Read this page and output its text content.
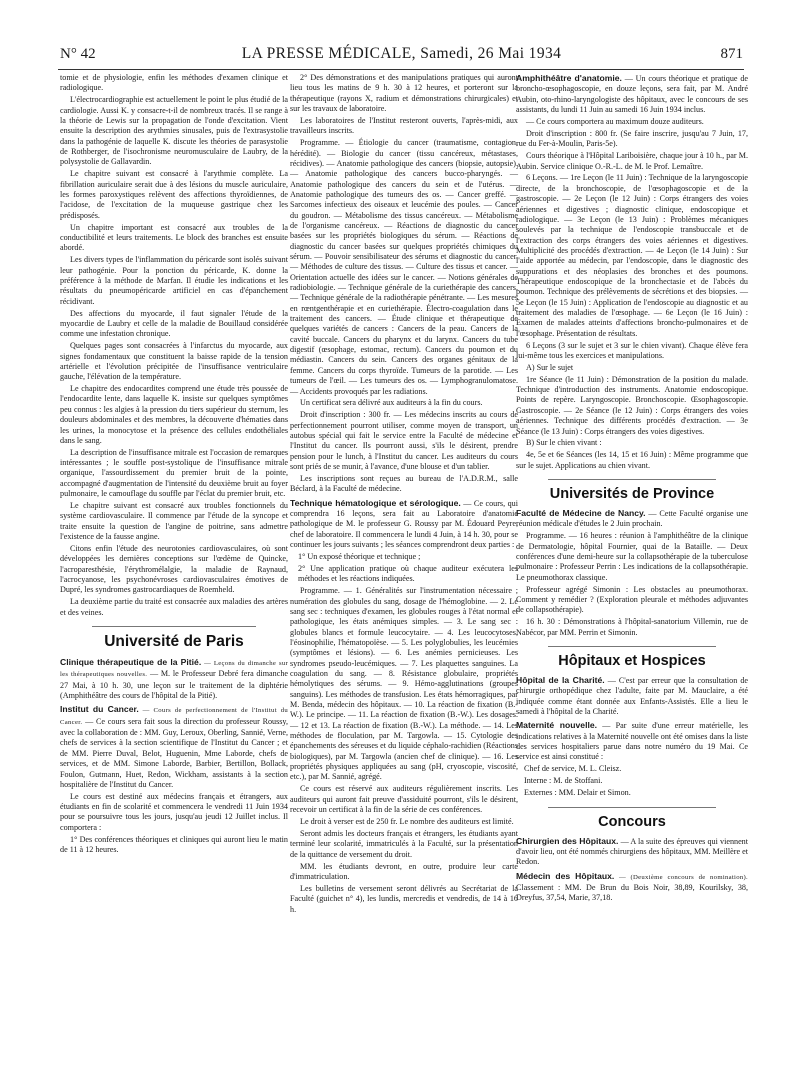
N° 42	LA PRESSE MÉDICALE, Samedi, 26 Mai 1934	871

tomie et de physiologie, enfin les méthodes d'examen clinique et radiologique.

L'électrocardiographie est actuellement le point le plus étudié de la cardiologie. Aussi K. y consacre-t-il de nombreux tracés. Il se range à la théorie de Lewis sur la propagation de l'onde d'excitation. Vient ensuite la description des arythmies sinusales, puis de l'extrasystolie dans la pathogénie de laquelle K. discute les théories de parasystolie de Rothberger, de l'isochronisme neuromusculaire de Laubry, de la polysystolie de Gallavardin.

Le chapitre suivant est consacré à l'arythmie complète. La fibrillation auriculaire serait due à des lésions du muscle auriculaire, les formes paroxystiques relèvent des affections thyroïdiennes, de l'acidose, de l'excitation de la muqueuse gastrique chez les prédisposés.

Un chapitre important est consacré aux troubles de la conductibilité et leurs traitements. Le block des branches est ensuite abordé.

Les divers types de l'inflammation du péricarde sont isolés suivant leur pathogénie. Pour la ponction du péricarde, K. donne la préférence à la méthode de Marfan. Il étudie les indications et les résultats du pneumopéricarde artificiel en cas d'épanchement récidivant.

Des affections du myocarde, il faut signaler l'étude de la myocardie de Laubry et celle de la maladie de Bouillaud considérée comme une infestation chronique.

Quelques pages sont consacrées à l'infarctus du myocarde, aux signes fondamentaux que constituent la baisse rapide de la tension artérielle et l'évolution précipitée de l'insuffisance ventriculaire gauche, l'élévation de la température.

Le chapitre des endocardites comprend une étude très poussée de l'endocardite lente, dans laquelle K. insiste sur quelques symptômes peu connus : les algies à la pression du tiers supérieur du sternum, les douleurs abdominales et des membres, la découverte d'hématies dans les urines, la monocytose et la présence des cellules endothéliales dans le sang.

La description de l'insuffisance mitrale est l'occasion de remarques intéressantes ; le souffle post-systolique de l'insuffisance mitrale organique, l'assourdissement du premier bruit de la pointe, accompagné d'augmentation de l'intensité du deuxième bruit au foyer pulmonaire, le camouflage du souffle par l'éclat du premier bruit, etc.

Le chapitre suivant est consacré aux troubles fonctionnels du système cardiovasculaire. Il commence par l'étude de la syncope et traite ensuite la question de l'angine de poitrine, sans admettre l'existence de la fausse angine.

Citons enfin l'étude des neurotonies cardiovasculaires, où sont développées les dernières conceptions sur l'œdème de Quincke, l'acroparesthésie, l'érythromélalgie, la maladie de Raynaud, l'acrocyanose, les psychonévroses cardiovasculaires émotives de Dupré, les syndromes gastrocardiaques de Roemheld.

La deuxième partie du traité est consacrée aux maladies des artères et des veines.

Université de Paris

Clinique thérapeutique de la Pitié. — Leçons du dimanche sur les thérapeutiques nouvelles. — M. le Professeur Debré fera dimanche 27 Mai, à 10 h. 30, une leçon sur le traitement de la diphtérie (Amphithéâtre des cours de l'hôpital de la Pitié).

Institut du Cancer. — Cours de perfectionnement de l'Institut du Cancer. — Ce cours sera fait sous la direction du professeur Roussy, avec la collaboration de : MM. Guy, Leroux, Oberling, Sannié, Verne, chefs de services à la section scientifique de l'Institut du Cancer ; et de MM. Pierre Duval, Belot, Huguenin, Mme Laborde, chefs de services, et de MM. Simone Laborde, Barbier, Bertillon, Bollack, Foulon, Gutmann, Huet, Redon, Wickham, assistants à la section hospitalière de l'Institut du Cancer.

Le cours est destiné aux médecins français et étrangers, aux étudiants en fin de scolarité et commencera le vendredi 11 Juin 1934 pour se poursuivre tous les jours, jusqu'au jeudi 12 Juillet inclus. Il comportera :

1° Des conférences théoriques et cliniques qui auront lieu le matin de 11 à 12 heures.

2° Des démonstrations et des manipulations pratiques qui auront lieu tous les matins de 9 h. 30 à 12 heures, et porteront sur la thérapeutique (rayons X, radium et démonstrations chirurgicales) et sur les travaux de laboratoire.

Les laboratoires de l'Institut resteront ouverts, l'après-midi, aux travailleurs inscrits.

Programme. — Étiologie du cancer (traumatisme, contagion, hérédité). — Biologie du cancer (tissu cancéreux, métastases, récidives). — Anatomie pathologique des cancers (biopsie, autopsie). — Anatomie pathologique des cancers bucco-pharyngés. — Anatomie pathologique des cancers du sein et de l'utérus. — Anatomie pathologique des tumeurs des os. — Cancer greffé. — Sarcomes infectieux des oiseaux et leucémie des poules. — Cancer du goudron. — Métabolisme des tissus cancéreux. — Métabolisme de l'organisme cancéreux. — Réactions de diagnostic du cancer basées sur les propriétés biologiques du sérum. — Réactions de diagnostic du cancer basées sur quelques propriétés chimiques du sérum. — Pouvoir sensibilisateur des sérums et diagnostic du cancer. — Méthodes de culture des tissus. — Culture des tissus et cancer. — Orientation actuelle des idées sur le cancer. — Notions générales de radiobiologie. — Technique générale de la curiethérapie des cancers. — Technique générale de la radiothérapie pénétrante. — Les mesures en rœntgenthérapie et en curiethérapie. Électro-coagulation dans le traitement des cancers. — Étude clinique et thérapeutique de quelques variétés de cancers : Cancers de la peau. Cancers de la cavité buccale. Cancers du pharynx et du larynx. Cancers du tube digestif (œsophage, estomac, rectum). Cancers du poumon et du médiastin. Cancers du sein. Cancers des organes génitaux de la femme. Cancers du corps thyroïde. Tumeurs de la parotide. — Les tumeurs de l'œil. — Les tumeurs des os. — Lymphogranulomatose. — Accidents provoqués par les radiations.

Un certificat sera délivré aux auditeurs à la fin du cours.

Droit d'inscription : 300 fr. — Les médecins inscrits au cours de perfectionnement pourront utiliser, comme moyen de transport, un autobus spécial qui fait le service entre la Faculté de médecine et l'Institut du cancer. Ils pourront aussi, s'ils le désirent, prendre pension pour le lunch, à l'Institut du cancer. Les auditeurs du cours sont priés de se munir, à l'avance, d'une blouse et d'un tablier.

Les inscriptions sont reçues au bureau de l'A.D.R.M., salle Béclard, à la Faculté de médecine.

Technique hématologique et sérologique. — Ce cours, qui comprendra 16 leçons, sera fait au Laboratoire d'anatomie pathologique de M. le professeur G. Roussy par M. Édouard Peyre, chef de laboratoire. Il commencera le lundi 4 Juin, à 14 h. 30, pour se continuer les jours suivants ; les séances comprendront deux parties :

1° Un exposé théorique et technique ;

2° Une application pratique où chaque auditeur exécutera les méthodes et les réactions indiquées.

Programme. — 1. Généralités sur l'instrumentation nécessaire ; numération des globules du sang, dosage de l'hémoglobine. — 2. Le sang sec : techniques d'examen, les globules rouges à l'état normal et pathologique, les états anémiques simples. — 3. Le sang sec : globules blancs et formule leucocytaire. — 4. Les leucocytoses, l'éosinophilie, l'hématopoïèse. — 5. Les polyglobulies, les leucémies (symptômes et lésions). — 6. Les anémies pernicieuses. Les syndromes pseudo-leucémiques. — 7. Les plaquettes sanguines. La coagulation du sang. — 8. Résistance globulaire, propriétés hémolytiques des sérums. — 9. Hémo-agglutinations (groupes sanguins). Les méthodes de transfusion. Les états hémorragiques, par M. Benda, médecin des hôpitaux. — 10. La réaction de fixation (B.-W.). Le principe. — 11. La réaction de fixation (B.-W.). Les dosages. — 12 et 13. La réaction de fixation (B.-W.). La méthode. — 14. Les méthodes de floculation, par M. Targowla. — 15. Cytologie des épanchements des séreuses et du liquide céphalo-rachidien (Réactions biologiques), par M. Targowla (ancien chef de clinique). — 16. Les propriétés physiques appliquées au sang (pH, cryoscopie, viscosité, etc.), par M. Sannié, agrégé.

Ce cours est réservé aux auditeurs régulièrement inscrits. Les auditeurs qui auront fait preuve d'assiduité pourront, s'ils le désirent, recevoir un certificat à la fin de la série de ces conférences.

Le droit à verser est de 250 fr. Le nombre des auditeurs est limité.

Seront admis les docteurs français et étrangers, les étudiants ayant terminé leur scolarité, immatriculés à la Faculté, sur la présentation de la quittance de versement du droit.

MM. les étudiants devront, en outre, produire leur carte d'immatriculation.

Les bulletins de versement seront délivrés au Secrétariat de la Faculté (guichet n° 4), les lundis, mercredis et vendredis, de 14 à 16 h.

Amphithéâtre d'anatomie. — Un cours théorique et pratique de broncho-œsophagoscopie, en douze leçons, sera fait, par M. André Aubin, oto-rhino-laryngologiste des hôpitaux, avec le concours de ses assistants, du lundi 11 Juin au samedi 16 Juin 1934 inclus.

— Ce cours comportera au maximum douze auditeurs.

Droit d'inscription : 800 fr. (Se faire inscrire, jusqu'au 7 Juin, 17, rue du Fer-à-Moulin, Paris-5e).

Cours théorique à l'Hôpital Lariboisière, chaque jour à 10 h., par M. Aubin. Service clinique O.-R.-L. de M. le Prof. Lemaître.

6 Leçons. — 1re Leçon (le 11 Juin) : Technique de la laryngoscopie directe, de la bronchoscopie, de l'œsophagoscopie et de la gastroscopie. — 2e Leçon (le 12 Juin) : Corps étrangers des voies aériennes et digestives ; diagnostic clinique, endoscopique et radiologique. — 3e Leçon (le 13 Juin) : Problèmes mécaniques soulevés par la technique de l'endoscopie transbuccale et de l'extraction des corps étrangers des voies aériennes et digestives. Multiplicité des procédés d'extraction. — 4e Leçon (le 14 Juin) : Sur l'aide apportée au médecin, par l'endoscopie, dans le diagnostic des suppurations et des néoplasies des bronches et des poumons. Thérapeutique endoscopique de la bronchectasie et de l'abcès du poumon. Technique des prélèvements de sécrétions et des biopsies. — 5e Leçon (le 15 Juin) : Application de l'endoscopie au diagnostic et au traitement des maladies de l'œsophage. — 6e Leçon (le 16 Juin) : Examen de malades atteints d'affections broncho-pulmonaires et de l'œsophage. Présentation de résultats.

6 Leçons (3 sur le sujet et 3 sur le chien vivant). Chaque élève fera lui-même tous les exercices et manipulations.

A) Sur le sujet

1re Séance (le 11 Juin) : Démonstration de la position du malade. Technique d'introduction des instruments. Anatomie endoscopique. Points de repère. Laryngoscopie. Bronchoscopie. Œsophagoscopie. Gastroscopie. — 2e Séance (le 12 Juin) : Corps étrangers des voies aériennes. Technique des différents procédés d'extraction. — 3e Séance (le 13 Juin) : Corps étrangers des voies digestives.

B) Sur le chien vivant :

4e, 5e et 6e Séances (les 14, 15 et 16 Juin) : Même programme que sur le sujet. Applications au chien vivant.

Universités de Province

Faculté de Médecine de Nancy. — Cette Faculté organise une réunion médicale d'études le 2 Juin prochain.

Programme. — 16 heures : réunion à l'amphithéâtre de la clinique de Dermatologie, hôpital Fournier, quai de la Bataille. — Deux conférences d'une demi-heure sur la collapsothérapie de la tuberculose pulmonaire : Professeur Perrin : Les indications de la collapsothérapie. Le pneumothorax classique.

Professeur agrégé Simonin : Les obstacles au pneumothorax. Comment y remédier ? (Exploration pleurale et méthodes adjuvantes de collapsothérapie).

16 h. 30 : Démonstrations à l'hôpital-sanatorium Villemin, rue de Nabécor, par MM. Perrin et Simonin.

Hôpitaux et Hospices

Hôpital de la Charité. — C'est par erreur que la consultation de chirurgie orthopédique chez l'adulte, faite par M. Mauclaire, a été indiquée comme étant donnée aux Enfants-Assistés. Elle a lieu le samedi à l'hôpital de la Charité.

Maternité nouvelle. — Par suite d'une erreur matérielle, les indications relatives à la Maternité nouvelle ont été omises dans la liste des services hospitaliers parue dans notre numéro du 19 Mai. Ce service est ainsi constitué :

Chef de service, M. L. Cleisz.

Interne : M. de Stoffani.

Externes : MM. Delair et Simon.

Concours

Chirurgien des Hôpitaux. — A la suite des épreuves qui viennent d'avoir lieu, ont été nommés chirurgiens des hôpitaux, MM. Meillère et Redon.

Médecin des Hôpitaux. — (Deuxième concours de nomination). Classement : MM. De Brun du Bois Noir, 38,89, Kourilsky, 38, Dreyfus, 37,54, Marie, 37,18.
